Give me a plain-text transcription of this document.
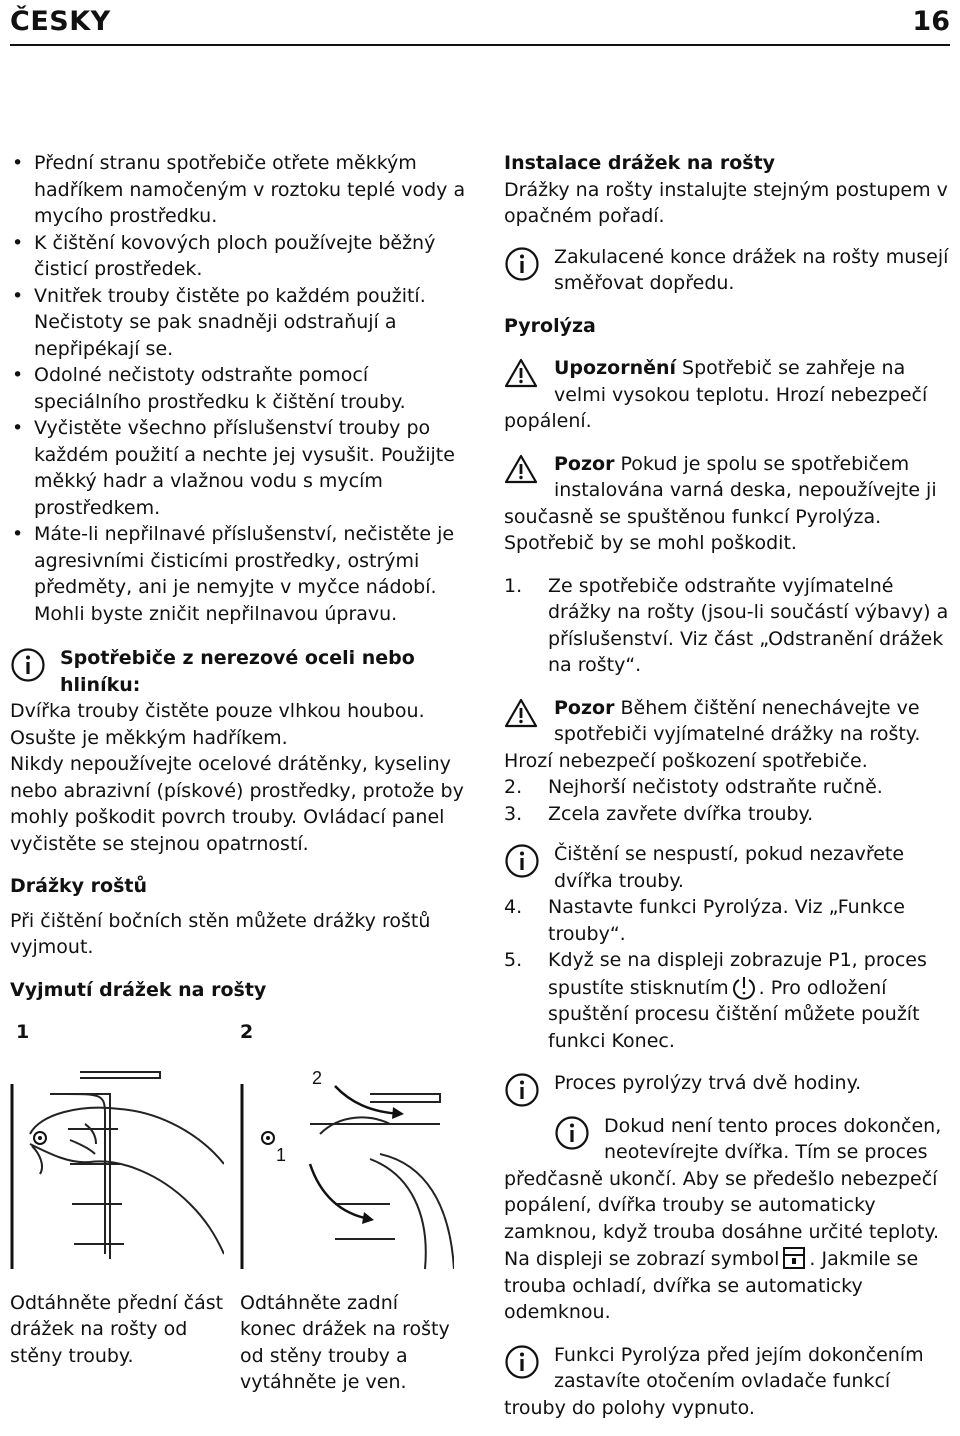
ČESKY	16
• Přední stranu spotřebiče otřete měkkým hadříkem namočeným v roztoku teplé vody a mycího prostředku.
• K čištění kovových ploch používejte běžný čisticí prostředek.
• Vnitřek trouby čistěte po každém použití. Nečistoty se pak snadněji odstraňují a nepřipékají se.
• Odolné nečistoty odstraňte pomocí speciálního prostředku k čištění trouby.
• Vyčistěte všechno příslušenství trouby po každém použití a nechte jej vysušit. Použijte měkký hadr a vlažnou vodu s mycím prostředkem.
• Máte-li nepřilnavé příslušenství, nečistěte je agresivními čisticími prostředky, ostrými předměty, ani je nemyjte v myčce nádobí. Mohli byste zničit nepřilnavou úpravu.
Spotřebiče z nerezové oceli nebo hliníku:
Dvířka trouby čistěte pouze vlhkou houbou. Osušte je měkkým hadříkem.
Nikdy nepoužívejte ocelové drátěnky, kyseliny nebo abrazivní (pískové) prostředky, protože by mohly poškodit povrch trouby. Ovládací panel vyčistěte se stejnou opatrností.
Drážky roštů
Při čištění bočních stěn můžete drážky roštů vyjmout.
Vyjmutí drážek na rošty
1
Odtáhněte přední část drážek na rošty od stěny trouby.
2
2
1
Odtáhněte zadní konec drážek na rošty od stěny trouby a vytáhněte je ven.
Instalace drážek na rošty
Drážky na rošty instalujte stejným postupem v opačném pořadí.
Zakulacené konce drážek na rošty musejí směřovat dopředu.
Pyrolýza
Upozornění Spotřebič se zahřeje na velmi vysokou teplotu. Hrozí nebezpečí popálení.
Pozor Pokud je spolu se spotřebičem instalována varná deska, nepoužívejte ji současně se spuštěnou funkcí Pyrolýza. Spotřebič by se mohl poškodit.
1. Ze spotřebiče odstraňte vyjímatelné drážky na rošty (jsou-li součástí výbavy) a příslušenství. Viz část „Odstranění drážek na rošty“.
Pozor Během čištění nenechávejte ve spotřebiči vyjímatelné drážky na rošty. Hrozí nebezpečí poškození spotřebiče.
2. Nejhorší nečistoty odstraňte ručně.
3. Zcela zavřete dvířka trouby.
Čištění se nespustí, pokud nezavřete dvířka trouby.
4. Nastavte funkci Pyrolýza. Viz „Funkce trouby“.
5. Když se na displeji zobrazuje P1, proces spustíte stisknutím . Pro odložení spuštění procesu čištění můžete použít funkci Konec.
Proces pyrolýzy trvá dvě hodiny.
Dokud není tento proces dokončen, neotevírejte dvířka. Tím se proces předčasně ukončí. Aby se předešlo nebezpečí popálení, dvířka trouby se automaticky zamknou, když trouba dosáhne určité teploty. Na displeji se zobrazí symbol . Jakmile se trouba ochladí, dvířka se automaticky odemknou.
Funkci Pyrolýza před jejím dokončením zastavíte otočením ovladače funkcí trouby do polohy vypnuto.
